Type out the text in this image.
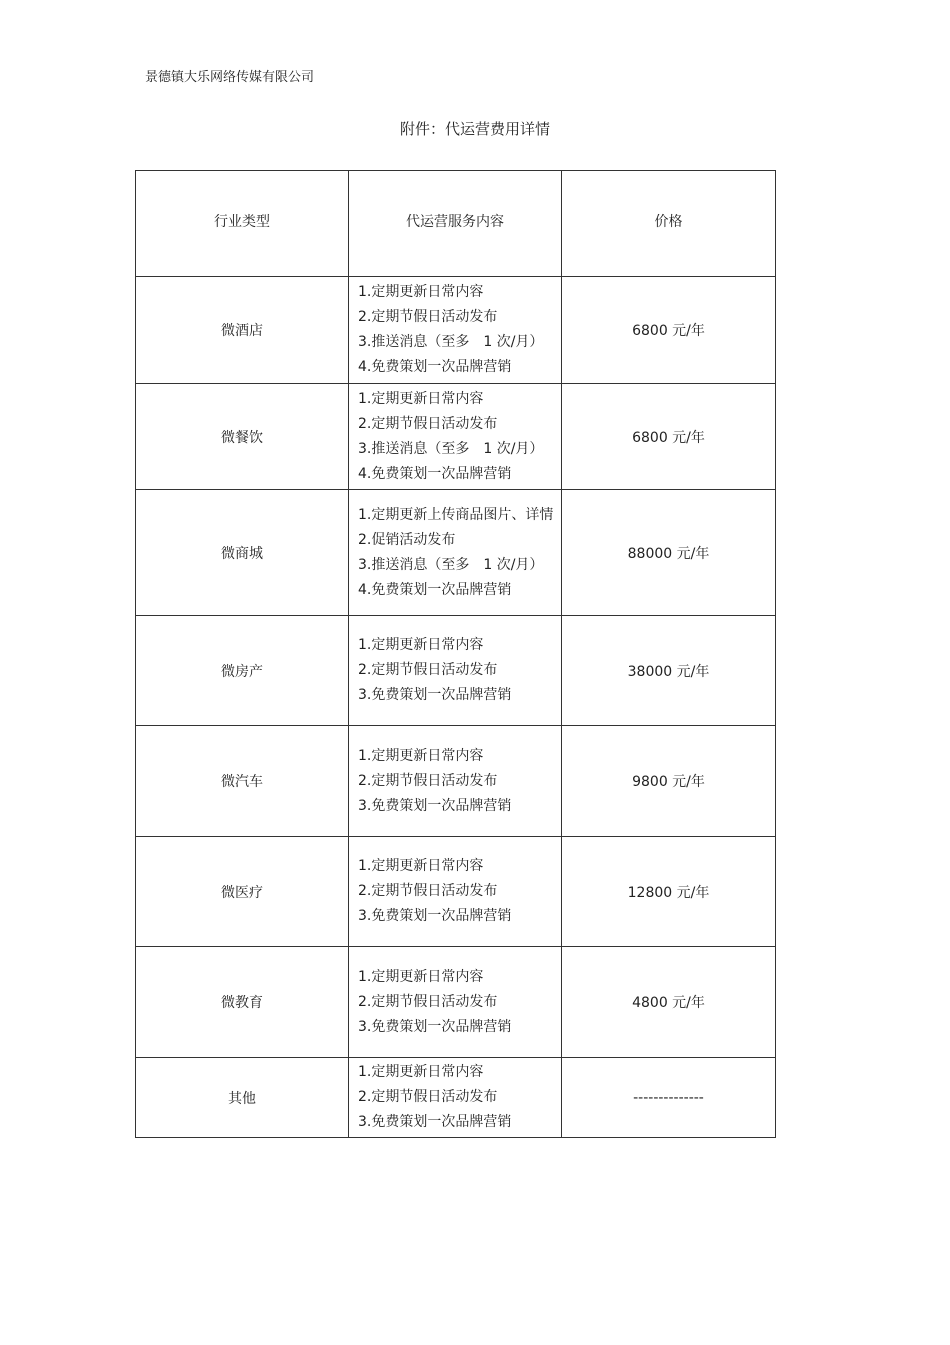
景德镇大乐网络传媒有限公司
附件：代运营费用详情
行业类型	代运营服务内容	价格
微酒店	1.定期更新日常内容
2.定期节假日活动发布
3.推送消息（至多　1 次/月）
4.免费策划一次品牌营销	6800 元/年
微餐饮	1.定期更新日常内容
2.定期节假日活动发布
3.推送消息（至多　1 次/月）
4.免费策划一次品牌营销	6800 元/年
微商城	1.定期更新上传商品图片、详情
2.促销活动发布
3.推送消息（至多　1 次/月）
4.免费策划一次品牌营销	88000 元/年
微房产	1.定期更新日常内容
2.定期节假日活动发布
3.免费策划一次品牌营销	38000 元/年
微汽车	1.定期更新日常内容
2.定期节假日活动发布
3.免费策划一次品牌营销	9800 元/年
微医疗	1.定期更新日常内容
2.定期节假日活动发布
3.免费策划一次品牌营销	12800 元/年
微教育	1.定期更新日常内容
2.定期节假日活动发布
3.免费策划一次品牌营销	4800 元/年
其他	1.定期更新日常内容
2.定期节假日活动发布
3.免费策划一次品牌营销	--------------
